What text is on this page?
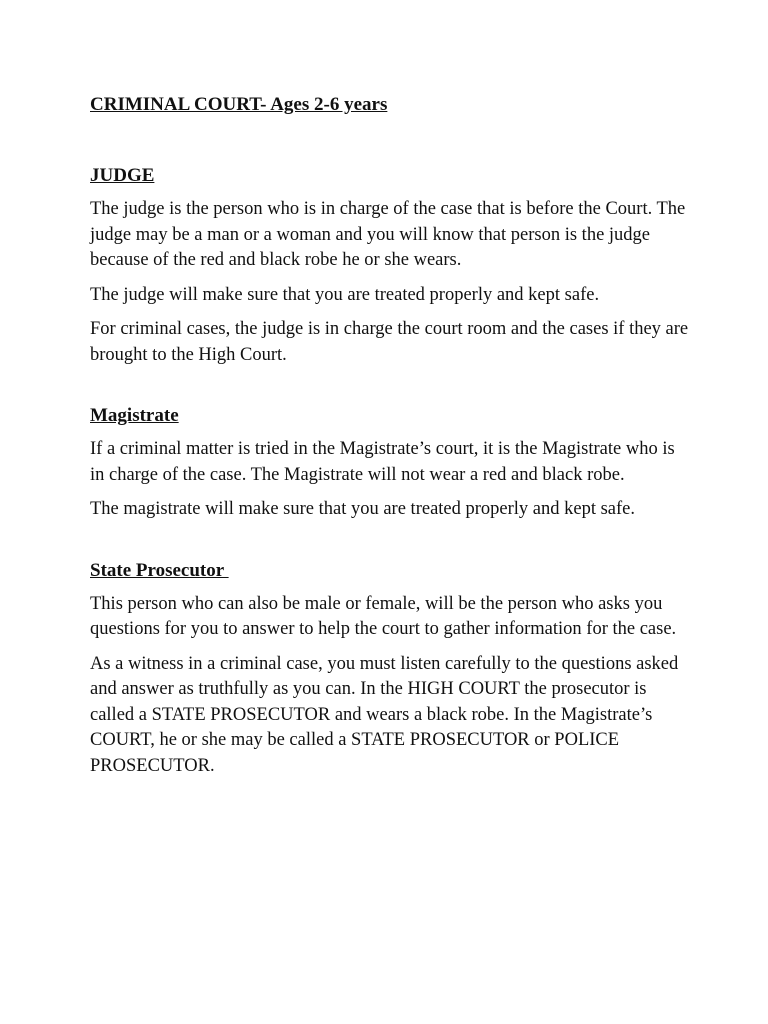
CRIMINAL COURT- Ages 2-6 years
JUDGE

The judge is the person who is in charge of the case that is before the Court. The judge may be a man or a woman and you will know that person is the judge because of the red and black robe he or she wears.

The judge will make sure that you are treated properly and kept safe.

For criminal cases, the judge is in charge the court room and the cases if they are brought to the High Court.

Magistrate

If a criminal matter is tried in the Magistrate’s court, it is the Magistrate who is in charge of the case. The Magistrate will not wear a red and black robe.

The magistrate will make sure that you are treated properly and kept safe.

State Prosecutor

This person who can also be male or female, will be the person who asks you questions for you to answer to help the court to gather information for the case.

As a witness in a criminal case, you must listen carefully to the questions asked and answer as truthfully as you can. In the HIGH COURT the prosecutor is called a STATE PROSECUTOR and wears a black robe. In the Magistrate’s COURT, he or she may be called a STATE PROSECUTOR or POLICE PROSECUTOR.
